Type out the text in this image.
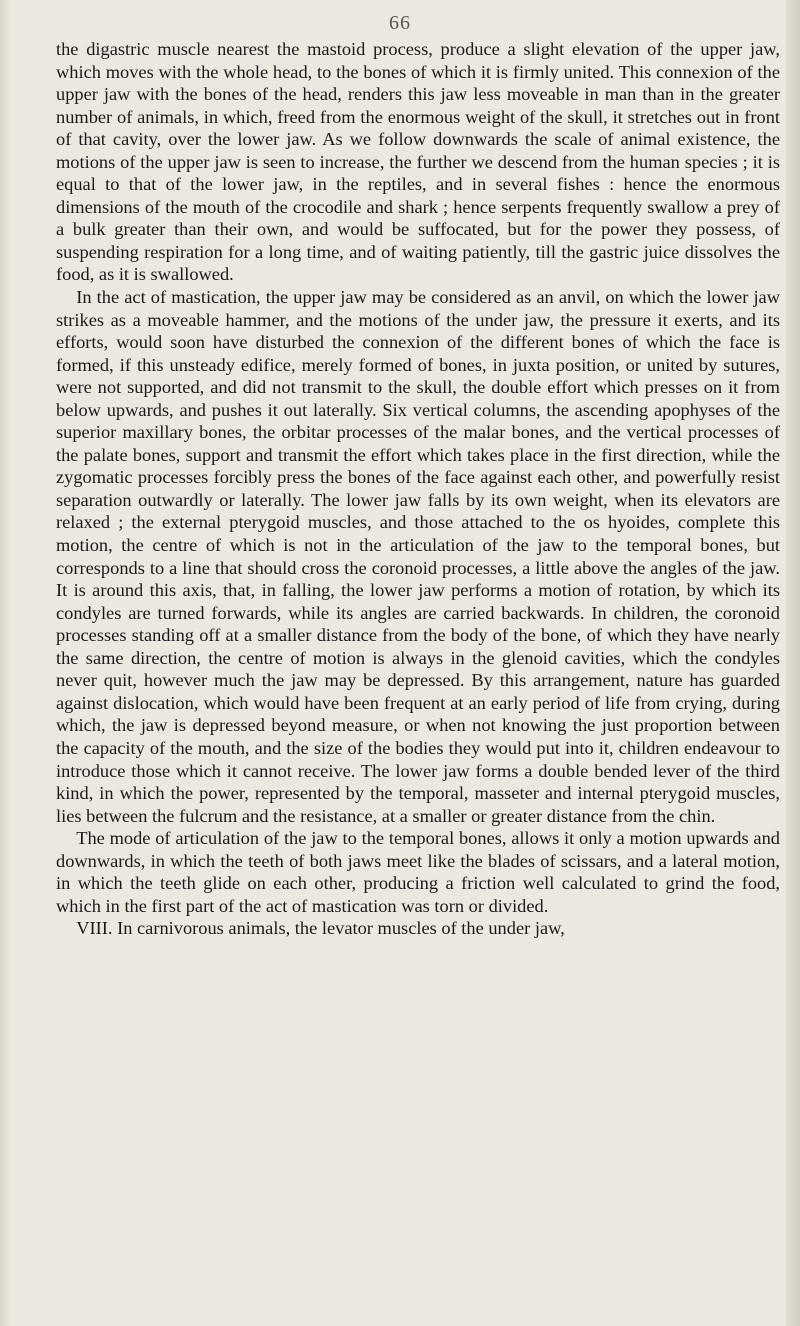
66

the digastric muscle nearest the mastoid process, produce a slight elevation of the upper jaw, which moves with the whole head, to the bones of which it is firmly united. This connexion of the upper jaw with the bones of the head, renders this jaw less moveable in man than in the greater number of animals, in which, freed from the enormous weight of the skull, it stretches out in front of that cavity, over the lower jaw. As we follow downwards the scale of animal existence, the motions of the upper jaw is seen to increase, the further we descend from the human species ; it is equal to that of the lower jaw, in the reptiles, and in several fishes : hence the enormous dimensions of the mouth of the crocodile and shark ; hence serpents frequently swallow a prey of a bulk greater than their own, and would be suffocated, but for the power they possess, of suspending respiration for a long time, and of waiting patiently, till the gastric juice dissolves the food, as it is swallowed.

In the act of mastication, the upper jaw may be considered as an anvil, on which the lower jaw strikes as a moveable hammer, and the motions of the under jaw, the pressure it exerts, and its efforts, would soon have disturbed the connexion of the different bones of which the face is formed, if this unsteady edifice, merely formed of bones, in juxta position, or united by sutures, were not supported, and did not transmit to the skull, the double effort which presses on it from below upwards, and pushes it out laterally. Six vertical columns, the ascending apophyses of the superior maxillary bones, the orbitar processes of the malar bones, and the vertical processes of the palate bones, support and transmit the effort which takes place in the first direction, while the zygomatic processes forcibly press the bones of the face against each other, and powerfully resist separation outwardly or laterally. The lower jaw falls by its own weight, when its elevators are relaxed ; the external pterygoid muscles, and those attached to the os hyoides, complete this motion, the centre of which is not in the articulation of the jaw to the temporal bones, but corresponds to a line that should cross the coronoid processes, a little above the angles of the jaw. It is around this axis, that, in falling, the lower jaw performs a motion of rotation, by which its condyles are turned forwards, while its angles are carried backwards. In children, the coronoid processes standing off at a smaller distance from the body of the bone, of which they have nearly the same direction, the centre of motion is always in the glenoid cavities, which the condyles never quit, however much the jaw may be depressed. By this arrangement, nature has guarded against dislocation, which would have been frequent at an early period of life from crying, during which, the jaw is depressed beyond measure, or when not knowing the just proportion between the capacity of the mouth, and the size of the bodies they would put into it, children endeavour to introduce those which it cannot receive. The lower jaw forms a double bended lever of the third kind, in which the power, represented by the temporal, masseter and internal pterygoid muscles, lies between the fulcrum and the resistance, at a smaller or greater distance from the chin.

The mode of articulation of the jaw to the temporal bones, allows it only a motion upwards and downwards, in which the teeth of both jaws meet like the blades of scissars, and a lateral motion, in which the teeth glide on each other, producing a friction well calculated to grind the food, which in the first part of the act of mastication was torn or divided.

VIII. In carnivorous animals, the levator muscles of the under jaw,
